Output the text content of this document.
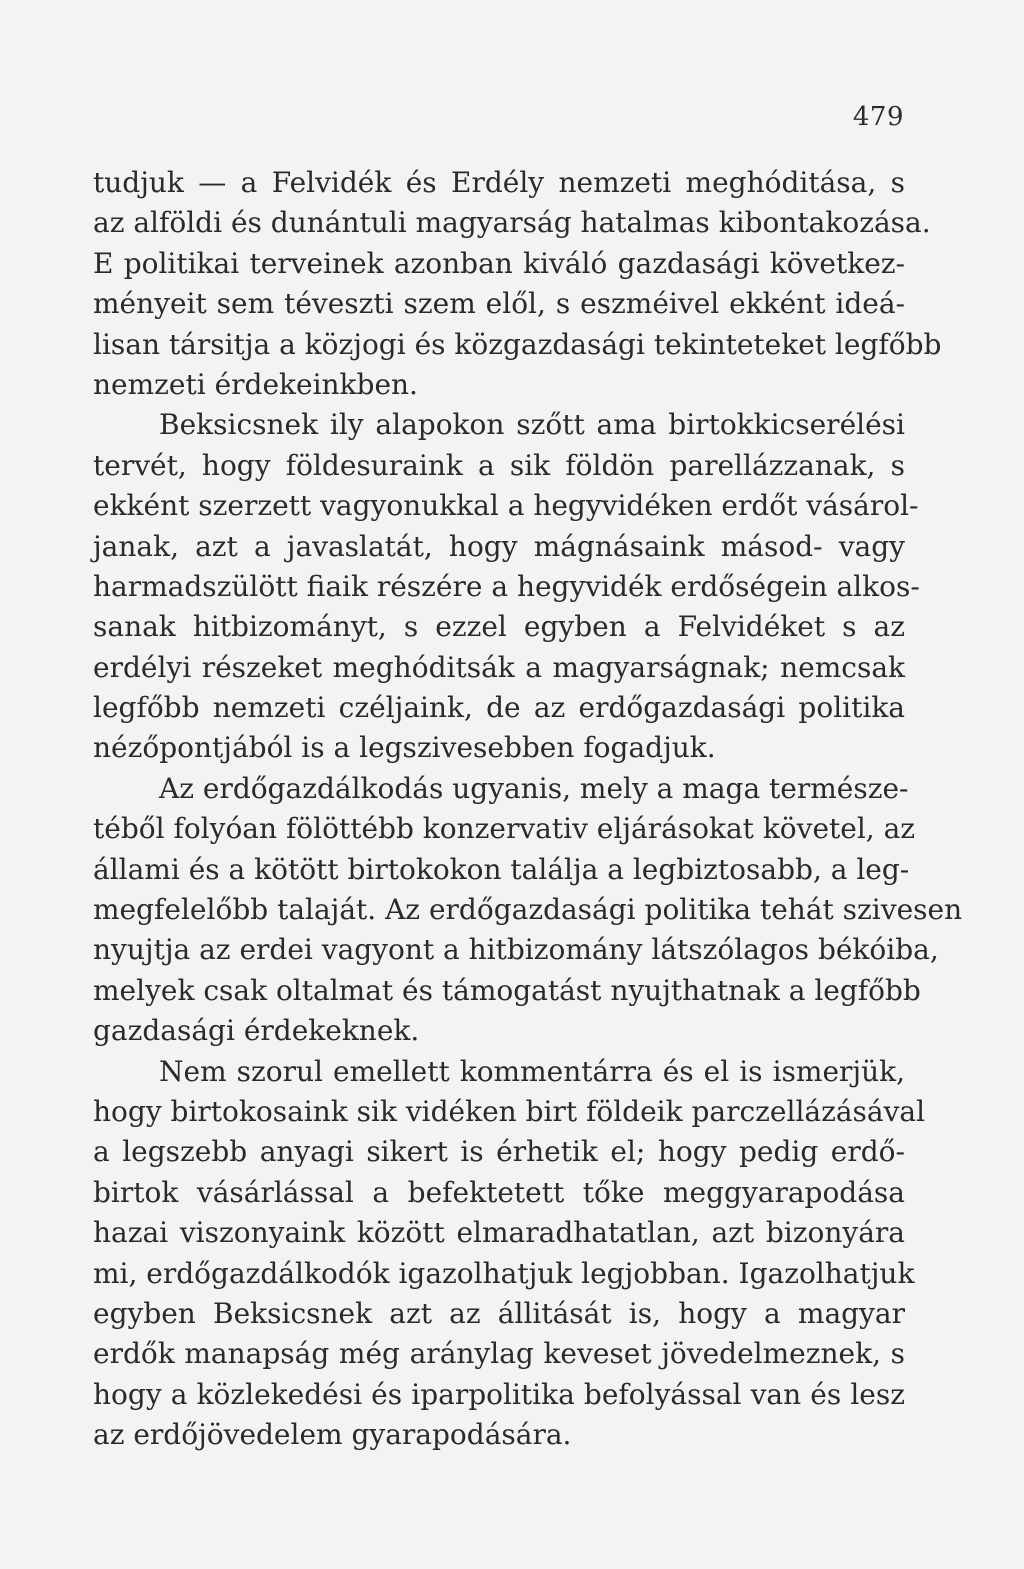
479
tudjuk — a Felvidék és Erdély nemzeti meghóditása, s
az alföldi és dunántuli magyarság hatalmas kibontakozása.
E politikai terveinek azonban kiváló gazdasági következ-
ményeit sem téveszti szem elől, s eszméivel ekként ideá-
lisan társitja a közjogi és közgazdasági tekinteteket legfőbb
nemzeti érdekeinkben.
Beksicsnek ily alapokon szőtt ama birtokkicserélési
tervét, hogy földesuraink a sik földön parellázzanak, s
ekként szerzett vagyonukkal a hegyvidéken erdőt vásárol-
janak, azt a javaslatát, hogy mágnásaink másod- vagy
harmadszülött fiaik részére a hegyvidék erdőségein alkos-
sanak hitbizományt, s ezzel egyben a Felvidéket s az
erdélyi részeket meghóditsák a magyarságnak; nemcsak
legfőbb nemzeti czéljaink, de az erdőgazdasági politika
nézőpontjából is a legszivesebben fogadjuk.
Az erdőgazdálkodás ugyanis, mely a maga természe-
téből folyóan fölöttébb konzervativ eljárásokat követel, az
állami és a kötött birtokokon találja a legbiztosabb, a leg-
megfelelőbb talaját. Az erdőgazdasági politika tehát szivesen
nyujtja az erdei vagyont a hitbizomány látszólagos békóiba,
melyek csak oltalmat és támogatást nyujthatnak a legfőbb
gazdasági érdekeknek.
Nem szorul emellett kommentárra és el is ismerjük,
hogy birtokosaink sik vidéken birt földeik parczellázásával
a legszebb anyagi sikert is érhetik el; hogy pedig erdő-
birtok vásárlással a befektetett tőke meggyarapodása
hazai viszonyaink között elmaradhatatlan, azt bizonyára
mi, erdőgazdálkodók igazolhatjuk legjobban. Igazolhatjuk
egyben Beksicsnek azt az állitását is, hogy a magyar
erdők manapság még aránylag keveset jövedelmeznek, s
hogy a közlekedési és iparpolitika befolyással van és lesz
az erdőjövedelem gyarapodására.
